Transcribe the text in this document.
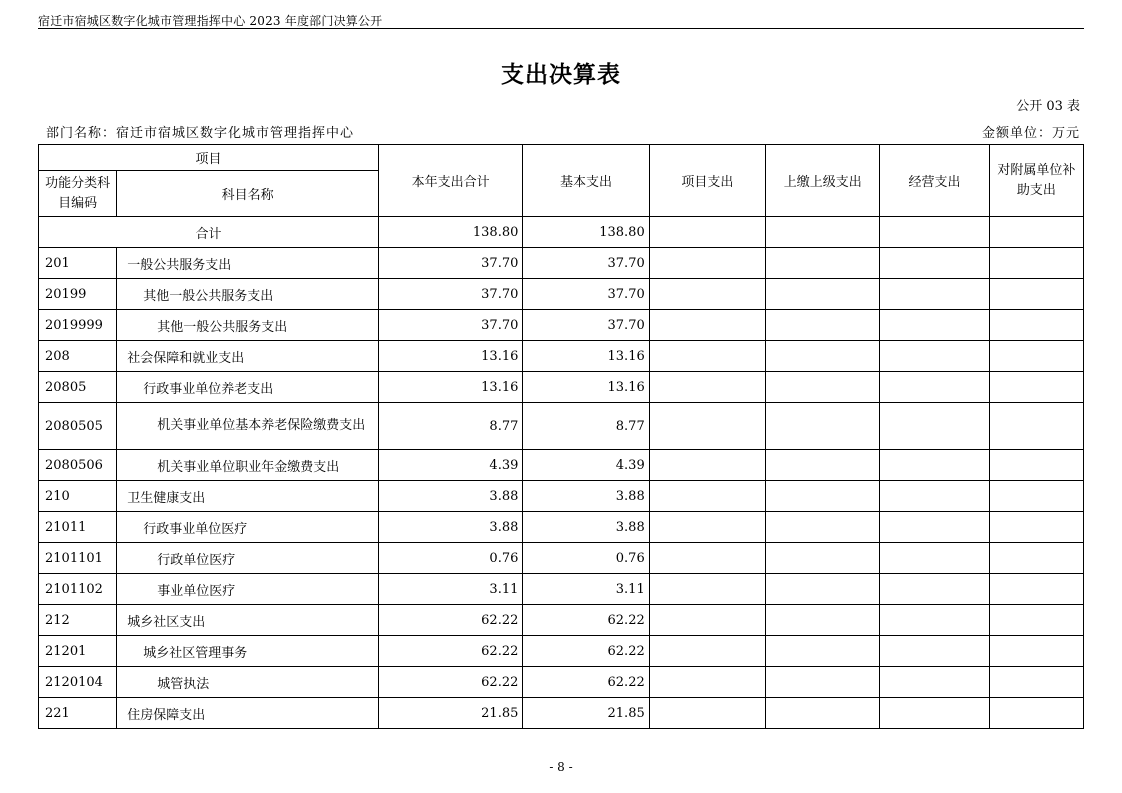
宿迁市宿城区数字化城市管理指挥中心 2023 年度部门决算公开
支出决算表
公开 03 表
部门名称：宿迁市宿城区数字化城市管理指挥中心	金额单位：万元
项目		本年支出合计	基本支出	项目支出	上缴上级支出	经营支出	对附属单位补助支出
功能分类科目编码	科目名称						
合计		138.80	138.80				
201	一般公共服务支出	37.70	37.70				
20199	其他一般公共服务支出	37.70	37.70				
2019999	其他一般公共服务支出	37.70	37.70				
208	社会保障和就业支出	13.16	13.16				
20805	行政事业单位养老支出	13.16	13.16				
2080505	机关事业单位基本养老保险缴费支出	8.77	8.77				
2080506	机关事业单位职业年金缴费支出	4.39	4.39				
210	卫生健康支出	3.88	3.88				
21011	行政事业单位医疗	3.88	3.88				
2101101	行政单位医疗	0.76	0.76				
2101102	事业单位医疗	3.11	3.11				
212	城乡社区支出	62.22	62.22				
21201	城乡社区管理事务	62.22	62.22				
2120104	城管执法	62.22	62.22				
221	住房保障支出	21.85	21.85				
- 8 -
